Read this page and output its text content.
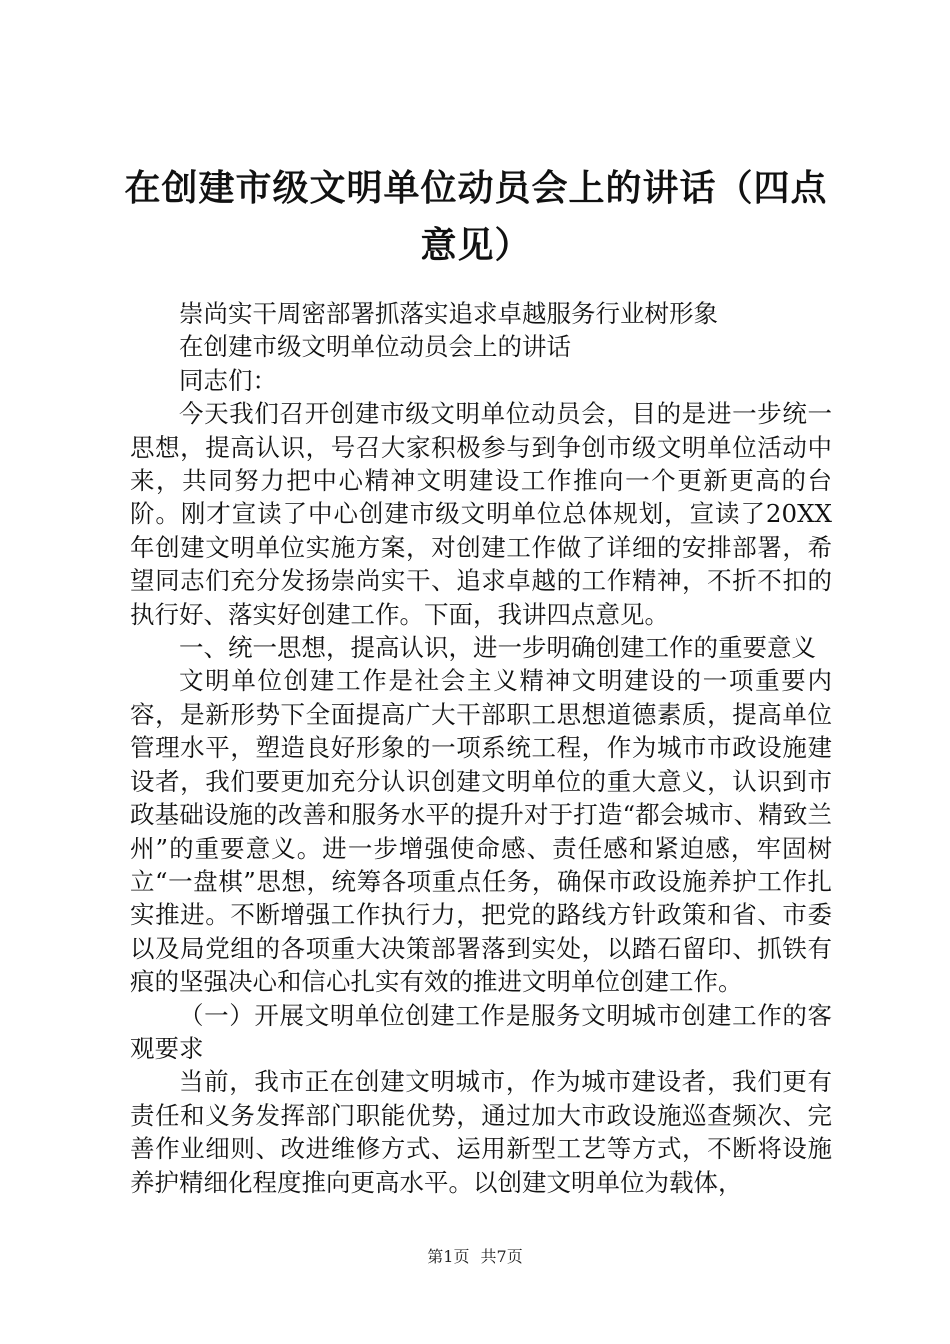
在创建市级文明单位动员会上的讲话（四点意见）

崇尚实干周密部署抓落实追求卓越服务行业树形象

在创建市级文明单位动员会上的讲话

同志们：

今天我们召开创建市级文明单位动员会，目的是进一步统一思想，提高认识，号召大家积极参与到争创市级文明单位活动中来，共同努力把中心精神文明建设工作推向一个更新更高的台阶。刚才宣读了中心创建市级文明单位总体规划，宣读了20XX年创建文明单位实施方案，对创建工作做了详细的安排部署，希望同志们充分发扬崇尚实干、追求卓越的工作精神，不折不扣的执行好、落实好创建工作。下面，我讲四点意见。

一、统一思想，提高认识，进一步明确创建工作的重要意义

文明单位创建工作是社会主义精神文明建设的一项重要内容，是新形势下全面提高广大干部职工思想道德素质，提高单位管理水平，塑造良好形象的一项系统工程，作为城市市政设施建设者，我们要更加充分认识创建文明单位的重大意义，认识到市政基础设施的改善和服务水平的提升对于打造“都会城市、精致兰州”的重要意义。进一步增强使命感、责任感和紧迫感，牢固树立“一盘棋”思想，统筹各项重点任务，确保市政设施养护工作扎实推进。不断增强工作执行力，把党的路线方针政策和省、市委以及局党组的各项重大决策部署落到实处，以踏石留印、抓铁有痕的坚强决心和信心扎实有效的推进文明单位创建工作。

（一）开展文明单位创建工作是服务文明城市创建工作的客观要求

当前，我市正在创建文明城市，作为城市建设者，我们更有责任和义务发挥部门职能优势，通过加大市政设施巡查频次、完善作业细则、改进维修方式、运用新型工艺等方式，不断将设施养护精细化程度推向更高水平。以创建文明单位为载体，

第1页 共7页
